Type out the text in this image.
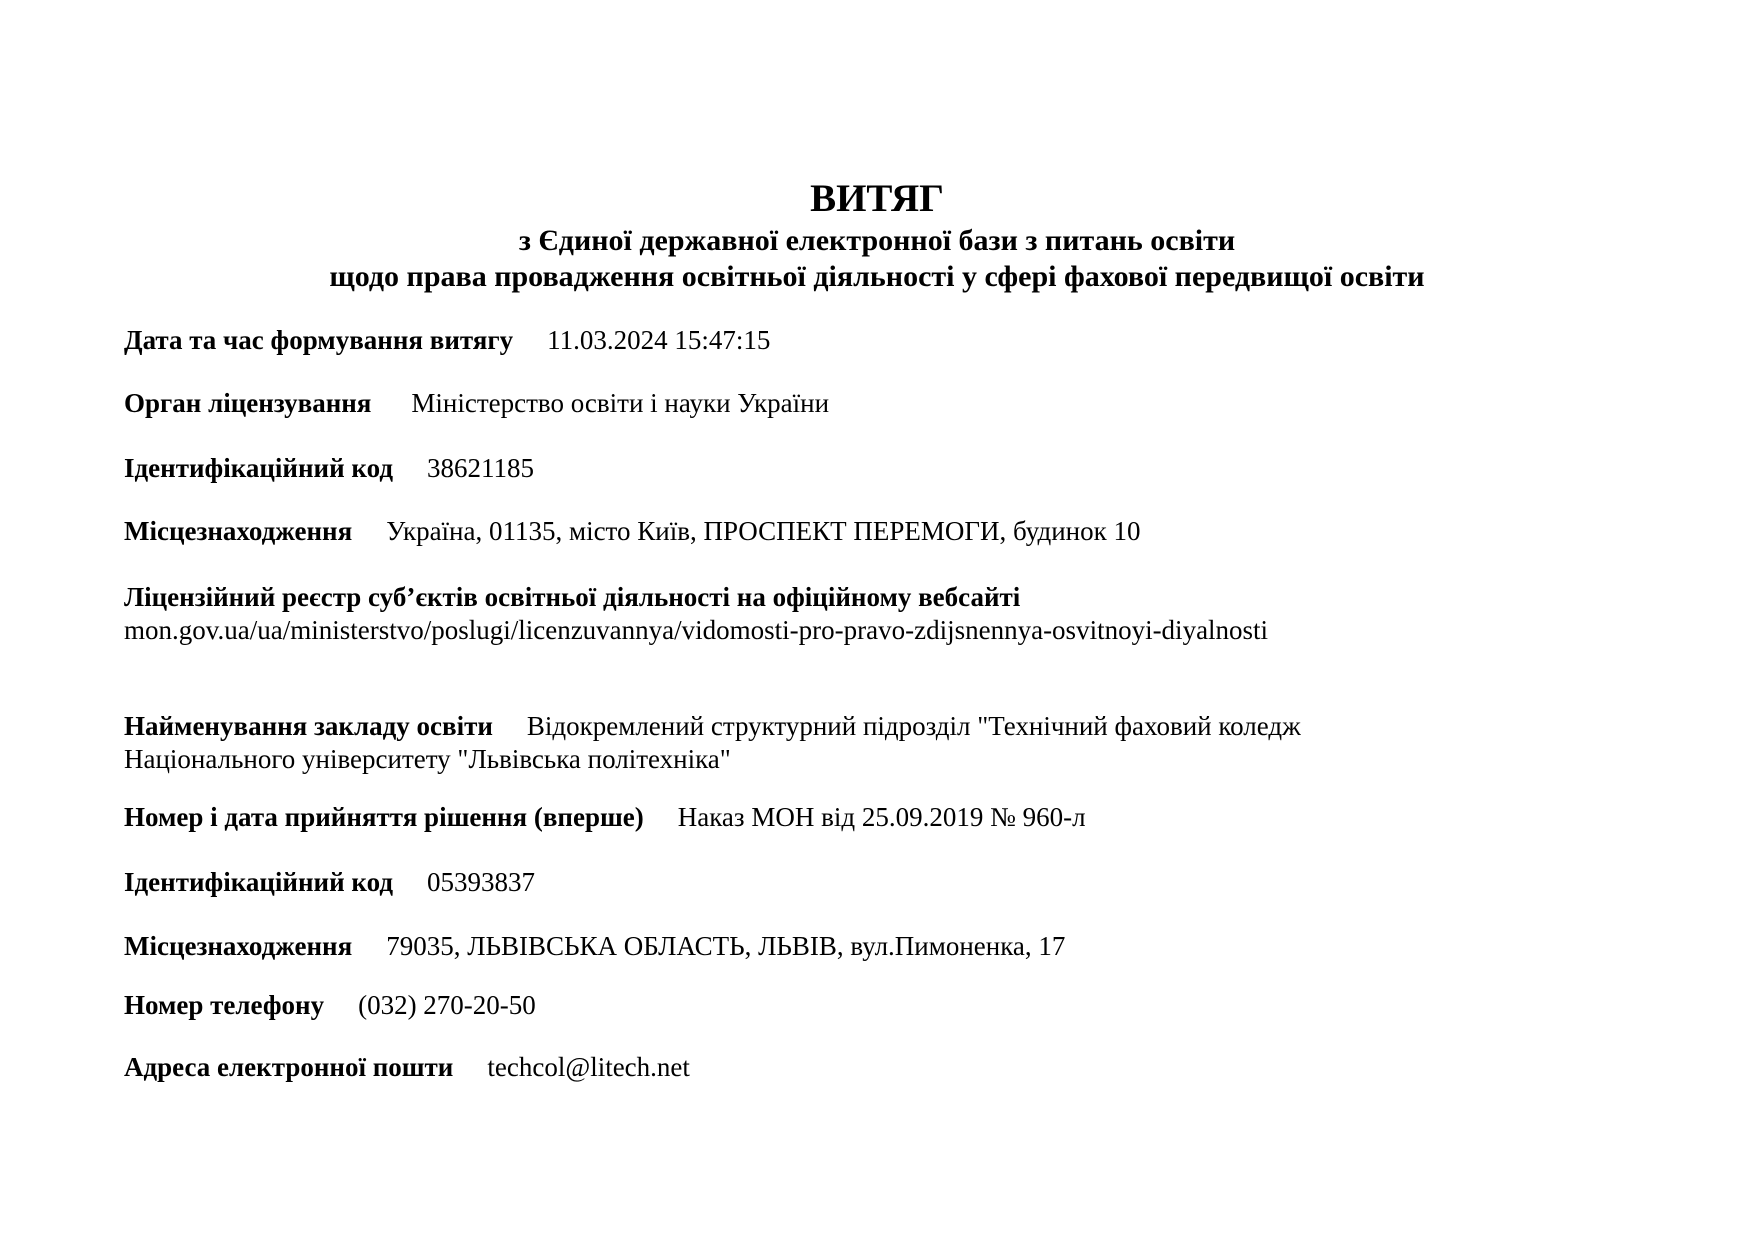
ВИТЯГ
з Єдиної державної електронної бази з питань освіти
щодо права провадження освітньої діяльності у сфері фахової передвищої освіти
Дата та час формування витягу 11.03.2024 15:47:15
Орган ліцензування Міністерство освіти і науки України
Ідентифікаційний код 38621185
Місцезнаходження Україна, 01135, місто Київ, ПРОСПЕКТ ПЕРЕМОГИ, будинок 10
Ліцензійний реєстр суб’єктів освітньої діяльності на офіційному вебсайті
mon.gov.ua/ua/ministerstvo/poslugi/licenzuvannya/vidomosti-pro-pravo-zdijsnennya-osvitnoyi-diyalnosti
Найменування закладу освіти Відокремлений структурний підрозділ "Технічний фаховий коледж
Національного університету "Львівська політехніка"
Номер і дата прийняття рішення (вперше) Наказ МОН від 25.09.2019 № 960-л
Ідентифікаційний код 05393837
Місцезнаходження 79035, ЛЬВІВСЬКА ОБЛАСТЬ, ЛЬВІВ, вул.Пимоненка, 17
Номер телефону (032) 270-20-50
Адреса електронної пошти techcol@litech.net
